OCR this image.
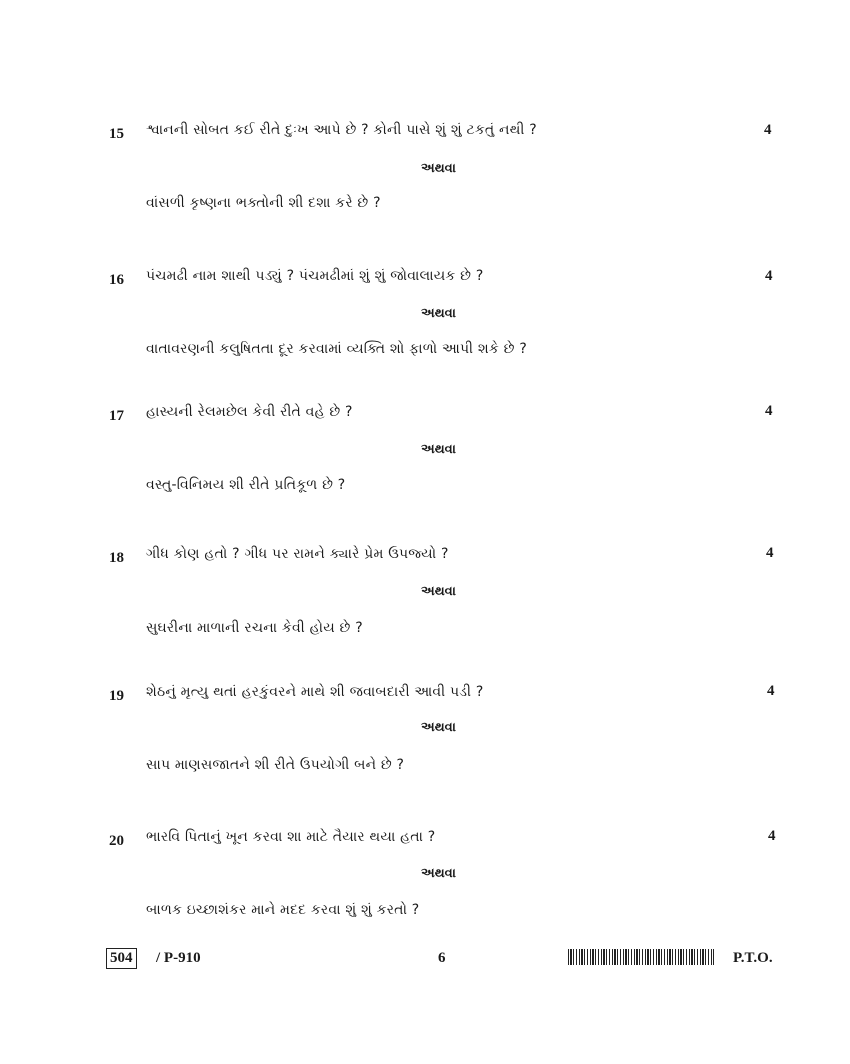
15 શ્વાનની સોબત કઈ રીતે દુઃખ આપે છે ? કોની પાસે શું શું ટકતું નથી ?	4
અથવા
વાંસળી કૃષ્ણના ભક્તોની શી દશા કરે છે ?
16 પંચમઢી નામ શાથી પડ્યું ? પંચમઢીમાં શું શું જોવાલાયક છે ?	4
અથવા
વાતાવરણની કલુષિતતા દૂર કરવામાં વ્યક્તિ શો ફાળો આપી શકે છે ?
17 હાસ્યની રેલમછેલ કેવી રીતે વહે છે ?	4
અથવા
વસ્તુ-વિનિમય શી રીતે પ્રતિકૂળ છે ?
18 ગીધ કોણ હતો ? ગીધ પર રામને ક્યારે પ્રેમ ઉપજ્યો ?	4
અથવા
સુઘરીના માળાની રચના કેવી હોય છે ?
19 શેઠનું મૃત્યુ થતાં હરકુંવરને માથે શી જવાબદારી આવી પડી ?	4
અથવા
સાપ માણસજાતને શી રીતે ઉપયોગી બને છે ?
20 ભારવિ પિતાનું ખૂન કરવા શા માટે તૈયાર થયા હતા ?	4
અથવા
બાળક ઇચ્છાશંકર માને મદદ કરવા શું શું કરતો ?
504 / P-910	6	P.T.O.
